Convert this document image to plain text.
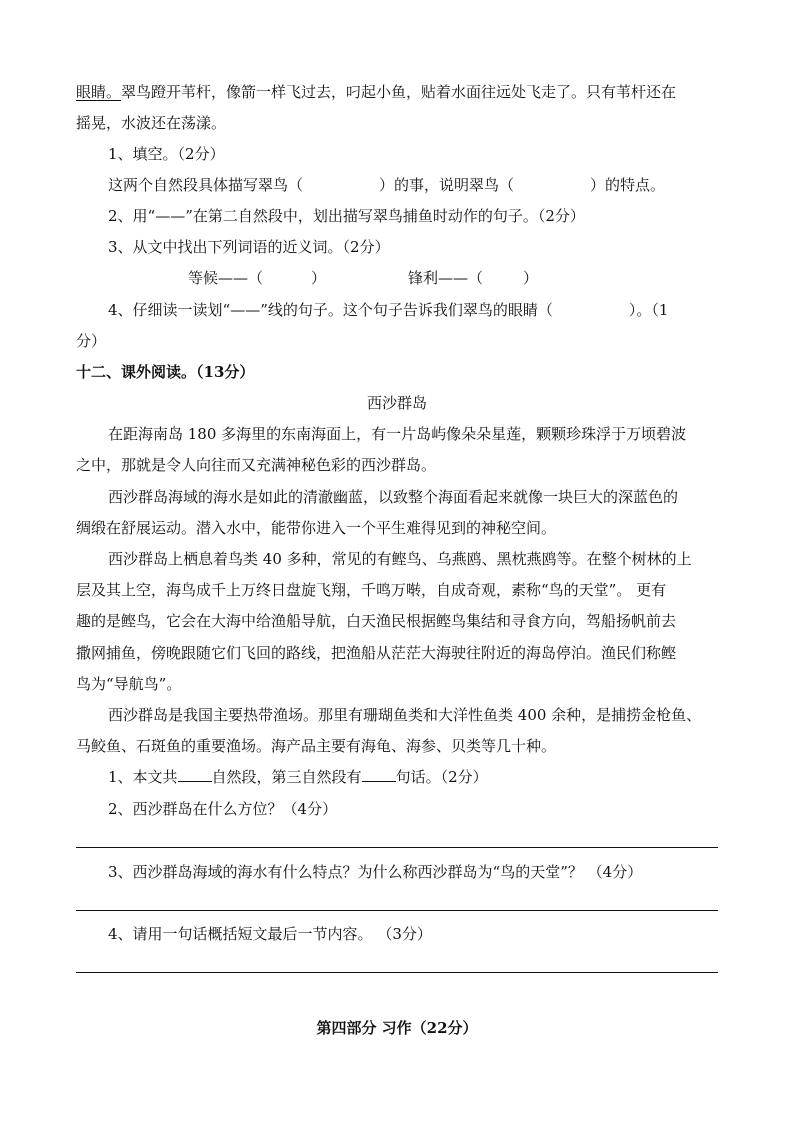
眼睛。翠鸟蹬开苇杆，像箭一样飞过去，叼起小鱼，贴着水面往远处飞走了。只有苇杆还在
摇晃，水波还在荡漾。
1、填空。（2分）
这两个自然段具体描写翠鸟（	）的事，说明翠鸟（	）的特点。
2、用“——”在第二自然段中，划出描写翠鸟捕鱼时动作的句子。（2分）
3、从文中找出下列词语的近义词。（2分）
等候——（	）	锋利——（	）
4、仔细读一读划“——”线的句子。这个句子告诉我们翠鸟的眼睛（	）。（1
分）
十二、课外阅读。（13分）
西沙群岛
在距海南岛 180 多海里的东南海面上，有一片岛屿像朵朵星莲，颗颗珍珠浮于万顷碧波
之中，那就是令人向往而又充满神秘色彩的西沙群岛。
西沙群岛海域的海水是如此的清澈幽蓝，以致整个海面看起来就像一块巨大的深蓝色的
绸缎在舒展运动。潜入水中，能带你进入一个平生难得见到的神秘空间。
西沙群岛上栖息着鸟类 40 多种，常见的有鲣鸟、乌燕鸥、黑枕燕鸥等。在整个树林的上
层及其上空，海鸟成千上万终日盘旋飞翔，千鸣万啭，自成奇观，素称“鸟的天堂”。 更有
趣的是鲣鸟，它会在大海中给渔船导航，白天渔民根据鲣鸟集结和寻食方向，驾船扬帆前去
撒网捕鱼，傍晚跟随它们飞回的路线，把渔船从茫茫大海驶往附近的海岛停泊。渔民们称鲣
鸟为“导航鸟”。
西沙群岛是我国主要热带渔场。那里有珊瑚鱼类和大洋性鱼类 400 余种，是捕捞金枪鱼、
马鲛鱼、石斑鱼的重要渔场。海产品主要有海龟、海参、贝类等几十种。
1、本文共 自然段，第三自然段有 句话。（2分）
2、西沙群岛在什么方位？（4分）
3、西沙群岛海域的海水有什么特点？为什么称西沙群岛为“鸟的天堂”？ （4分）
4、请用一句话概括短文最后一节内容。 （3分）
第四部分 习作（22分）
